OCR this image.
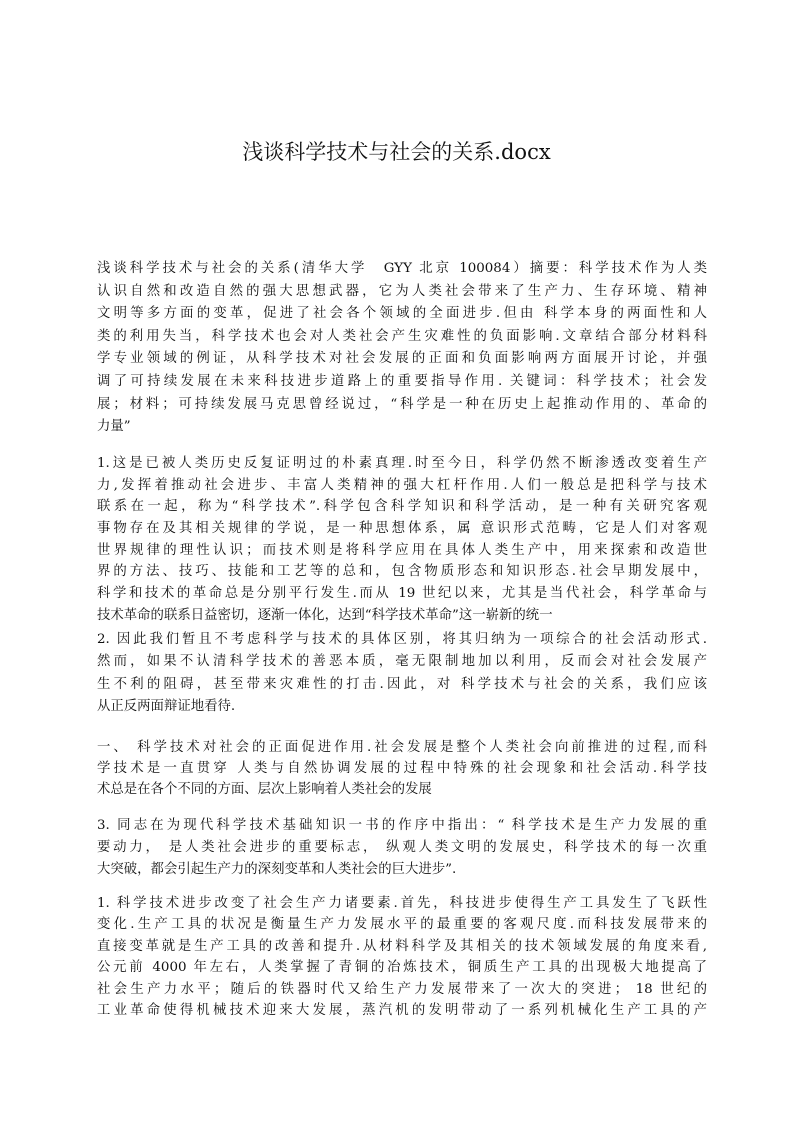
浅谈科学技术与社会的关系.docx
浅谈科学技术与社会的关系(清华大学　GYY 北京 100084）摘要：科学技术作为人类
认识自然和改造自然的强大思想武器，它为人类社会带来了生产力、生存环境、精神
文明等多方面的变革，促进了社会各个领域的全面进步.但由 科学本身的两面性和人
类的利用失当，科学技术也会对人类社会产生灾难性的负面影响.文章结合部分材料科
学专业领域的例证，从科学技术对社会发展的正面和负面影响两方面展开讨论，并强
调了可持续发展在未来科技进步道路上的重要指导作用. 关键词：科学技术；社会发
展；材料；可持续发展马克思曾经说过，“科学是一种在历史上起推动作用的、革命的
力量”
1.这是已被人类历史反复证明过的朴素真理.时至今日，科学仍然不断渗透改变着生产
力,发挥着推动社会进步、丰富人类精神的强大杠杆作用.人们一般总是把科学与技术
联系在一起，称为“科学技术”.科学包含科学知识和科学活动，是一种有关研究客观
事物存在及其相关规律的学说，是一种思想体系，属 意识形式范畴，它是人们对客观
世界规律的理性认识；而技术则是将科学应用在具体人类生产中，用来探索和改造世
界的方法、技巧、技能和工艺等的总和，包含物质形态和知识形态.社会早期发展中，
科学和技术的革命总是分别平行发生.而从 19 世纪以来，尤其是当代社会，科学革命与
技术革命的联系日益密切，逐渐一体化，达到“科学技术革命”这一崭新的统一
2. 因此我们暂且不考虑科学与技术的具体区别，将其归纳为一项综合的社会活动形式.
然而，如果不认清科学技术的善恶本质，毫无限制地加以利用，反而会对社会发展产
生不利的阻碍，甚至带来灾难性的打击.因此，对 科学技术与社会的关系，我们应该
从正反两面辩证地看待.
一、 科学技术对社会的正面促进作用.社会发展是整个人类社会向前推进的过程,而科
学技术是一直贯穿 人类与自然协调发展的过程中特殊的社会现象和社会活动.科学技
术总是在各个不同的方面、层次上影响着人类社会的发展
3. 同志在为现代科学技术基础知识一书的作序中指出：“ 科学技术是生产力发展的重
要动力， 是人类社会进步的重要标志， 纵观人类文明的发展史，科学技术的每一次重
大突破，都会引起生产力的深刻变革和人类社会的巨大进步”.
1. 科学技术进步改变了社会生产力诸要素.首先，科技进步使得生产工具发生了飞跃性
变化.生产工具的状况是衡量生产力发展水平的最重要的客观尺度.而科技发展带来的
直接变革就是生产工具的改善和提升.从材料科学及其相关的技术领域发展的角度来看,
公元前 4000 年左右，人类掌握了青铜的冶炼技术，铜质生产工具的出现极大地提高了
社会生产力水平；随后的铁器时代又给生产力发展带来了一次大的突进； 18 世纪的
工业革命使得机械技术迎来大发展，蒸汽机的发明带动了一系列机械化生产工具的产
